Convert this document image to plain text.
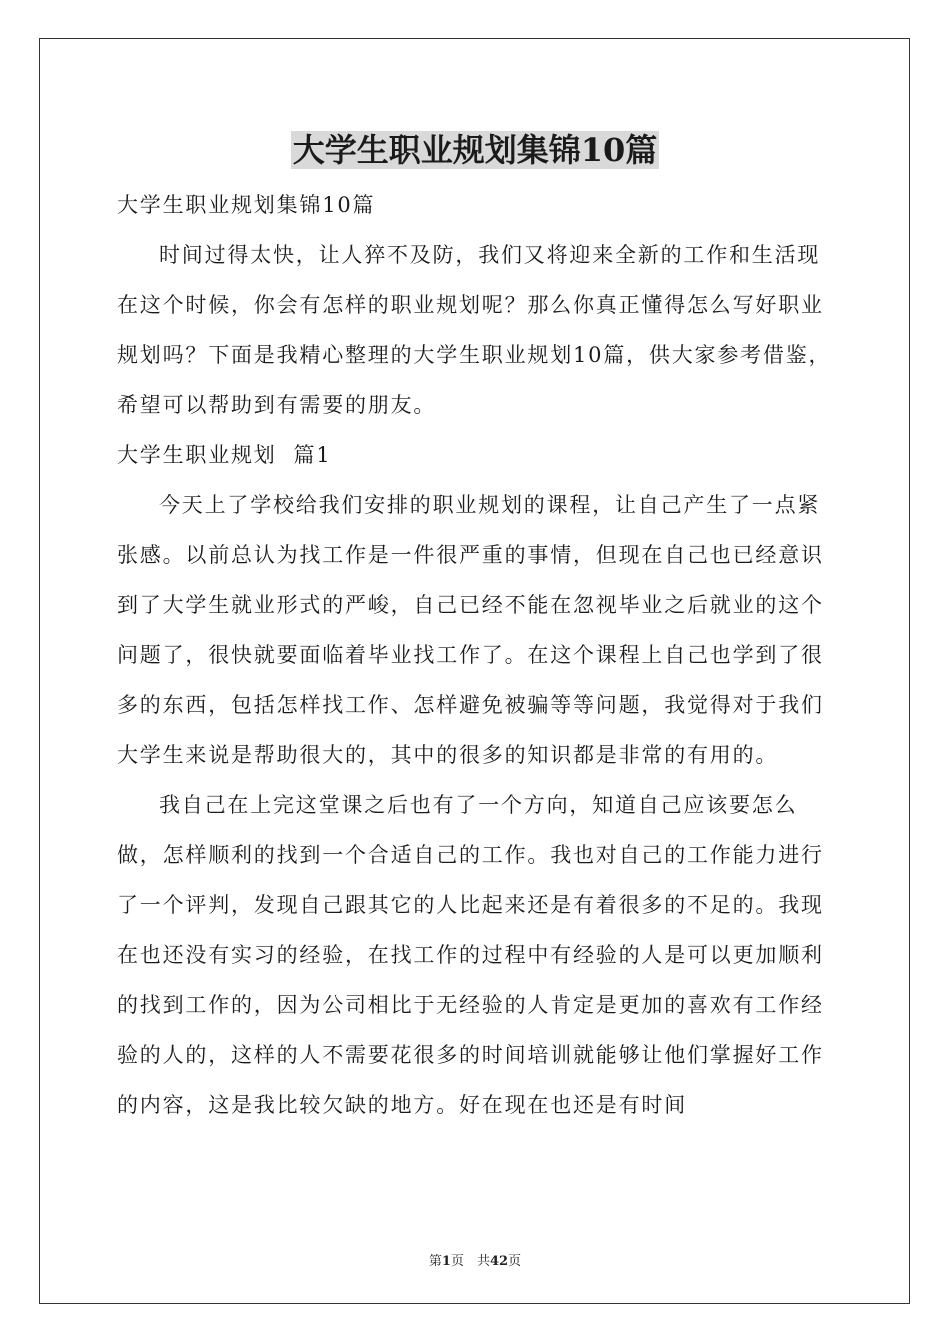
大学生职业规划集锦10篇

大学生职业规划集锦10篇

时间过得太快，让人猝不及防，我们又将迎来全新的工作和生活现在这个时候，你会有怎样的职业规划呢？那么你真正懂得怎么写好职业规划吗？下面是我精心整理的大学生职业规划10篇，供大家参考借鉴，希望可以帮助到有需要的朋友。

大学生职业规划  篇1

今天上了学校给我们安排的职业规划的课程，让自己产生了一点紧张感。以前总认为找工作是一件很严重的事情，但现在自己也已经意识到了大学生就业形式的严峻，自己已经不能在忽视毕业之后就业的这个问题了，很快就要面临着毕业找工作了。在这个课程上自己也学到了很多的东西，包括怎样找工作、怎样避免被骗等等问题，我觉得对于我们大学生来说是帮助很大的，其中的很多的知识都是非常的有用的。

我自己在上完这堂课之后也有了一个方向，知道自己应该要怎么做，怎样顺利的找到一个合适自己的工作。我也对自己的工作能力进行了一个评判，发现自己跟其它的人比起来还是有着很多的不足的。我现在也还没有实习的经验，在找工作的过程中有经验的人是可以更加顺利的找到工作的，因为公司相比于无经验的人肯定是更加的喜欢有工作经验的人的，这样的人不需要花很多的时间培训就能够让他们掌握好工作的内容，这是我比较欠缺的地方。好在现在也还是有时间

第1页　共42页
